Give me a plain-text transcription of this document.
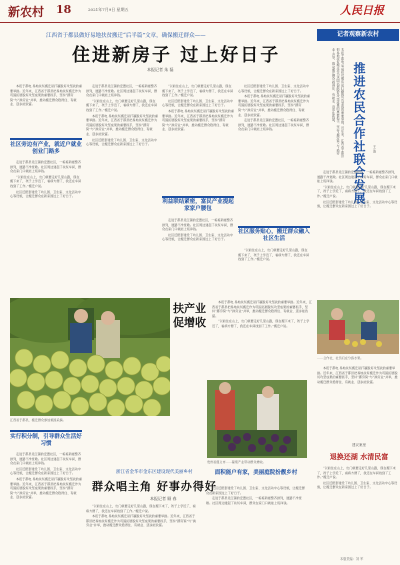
新农村 18	2021年7月9日 星期五	人民日报
江西省于都县做好易地扶贫搬迁“后半篇”文章，确保搬迁群众——
住进新房子 过上好日子
本报记者 朱 磊

本报于都电 易地扶贫搬迁是打赢脱贫攻坚战的重要举措。近年来，江西省于都县把易地扶贫搬迁作为巩固拓展脱贫攻坚成果的重要抓手，坚持“挪穷窝”与“换穷业”并举，推动搬迁群众稳得住、有就业、逐步能致富。

社区旁边有产业，就近户就业创业门路多

走进于都县贡江镇的安置社区，一栋栋新楼整齐排列，道路干净宽敞。社区周边建起了扶贫车间，群众在家门口就能上班挣钱。

“以前住在山上，出门就要走好几里山路，现在搬下来了，孩子上学近了，看病方便了，我还在车间找到了工作。”搬迁户说。

社区还配套建设了幼儿园、卫生室、文化活动中心等设施，让搬迁群众在新家园过上了好日子。

走进于都县贡江镇的安置社区，一栋栋新楼整齐排列，道路干净宽敞。社区周边建起了扶贫车间，群众在家门口就能上班挣钱。

“以前住在山上，出门就要走好几里山路，现在搬下来了，孩子上学近了，看病方便了，我还在车间找到了工作。”搬迁户说。

本报于都电 易地扶贫搬迁是打赢脱贫攻坚战的重要举措。近年来，江西省于都县把易地扶贫搬迁作为巩固拓展脱贫攻坚成果的重要抓手，坚持“挪穷窝”与“换穷业”并举，推动搬迁群众稳得住、有就业、逐步能致富。

社区还配套建设了幼儿园、卫生室、文化活动中心等设施，让搬迁群众在新家园过上了好日子。

“以前住在山上，出门就要走好几里山路，现在搬下来了，孩子上学近了，看病方便了，我还在车间找到了工作。”搬迁户说。

社区还配套建设了幼儿园、卫生室、文化活动中心等设施，让搬迁群众在新家园过上了好日子。

本报于都电 易地扶贫搬迁是打赢脱贫攻坚战的重要举措。近年来，江西省于都县把易地扶贫搬迁作为巩固拓展脱贫攻坚成果的重要抓手，坚持“挪穷窝”与“换穷业”并举，推动搬迁群众稳得住、有就业、逐步能致富。

利益联结紧密，富民产业提起家家户腰包

走进于都县贡江镇的安置社区，一栋栋新楼整齐排列，道路干净宽敞。社区周边建起了扶贫车间，群众在家门口就能上班挣钱。

社区还配套建设了幼儿园、卫生室、文化活动中心等设施，让搬迁群众在新家园过上了好日子。

社区还配套建设了幼儿园、卫生室、文化活动中心等设施，让搬迁群众在新家园过上了好日子。

本报于都电 易地扶贫搬迁是打赢脱贫攻坚战的重要举措。近年来，江西省于都县把易地扶贫搬迁作为巩固拓展脱贫攻坚成果的重要抓手，坚持“挪穷窝”与“换穷业”并举，推动搬迁群众稳得住、有就业、逐步能致富。

走进于都县贡江镇的安置社区，一栋栋新楼整齐排列，道路干净宽敞。社区周边建起了扶贫车间，群众在家门口就能上班挣钱。

社区服务贴心，搬迁群众融入社区生活

“以前住在山上，出门就要走好几里山路，现在搬下来了，孩子上学近了，看病方便了，我还在车间找到了工作。”搬迁户说。

江西省于都县，搬迁群众参加梨园采摘。
扶产业
促增收

本报于都电 易地扶贫搬迁是打赢脱贫攻坚战的重要举措。近年来，江西省于都县把易地扶贫搬迁作为巩固拓展脱贫攻坚成果的重要抓手，坚持“挪穷窝”与“换穷业”并举，推动搬迁群众稳得住、有就业、逐步能致富。

“以前住在山上，出门就要走好几里山路，现在搬下来了，孩子上学近了，看病方便了，我还在车间找到了工作。”搬迁户说。

贵州省遵义市……葡萄产业带动群众增收。
实行积分制，引导群众生活好习惯

走进于都县贡江镇的安置社区，一栋栋新楼整齐排列，道路干净宽敞。社区周边建起了扶贫车间，群众在家门口就能上班挣钱。

社区还配套建设了幼儿园、卫生室、文化活动中心等设施，让搬迁群众在新家园过上了好日子。

本报于都电 易地扶贫搬迁是打赢脱贫攻坚战的重要举措。近年来，江西省于都县把易地扶贫搬迁作为巩固拓展脱贫攻坚成果的重要抓手，坚持“挪穷窝”与“换穷业”并举，推动搬迁群众稳得住、有就业、逐步能致富。

浙江省金华市金东区建设现代美丽乡村
群众唱主角 好事办得好
本报记者 顾 春

“以前住在山上，出门就要走好几里山路，现在搬下来了，孩子上学近了，看病方便了，我还在车间找到了工作。”搬迁户说。

本报于都电 易地扶贫搬迁是打赢脱贫攻坚战的重要举措。近年来，江西省于都县把易地扶贫搬迁作为巩固拓展脱贫攻坚成果的重要抓手，坚持“挪穷窝”与“换穷业”并举，推动搬迁群众稳得住、有就业、逐步能致富。

面积能户有家，美丽庭院扮靓乡村

社区还配套建设了幼儿园、卫生室、文化活动中心等设施，让搬迁群众在新家园过上了好日子。

走进于都县贡江镇的安置社区，一栋栋新楼整齐排列，道路干净宽敞。社区周边建起了扶贫车间，群众在家门口就能上班挣钱。

记者观察新农村
本报于都电 易地扶贫搬迁是打赢脱贫攻坚战的重要举措。近年来，江西省于都县把易地扶贫搬迁作为巩固拓展脱贫攻坚成果的重要抓手，坚持“挪穷窝”与“换穷业”并举，推动搬迁群众稳得住、有就业、逐步能致富。	推进农民合作社联合发展	王 浩

走进于都县贡江镇的安置社区，一栋栋新楼整齐排列，道路干净宽敞。社区周边建起了扶贫车间，群众在家门口就能上班挣钱。

“以前住在山上，出门就要走好几里山路，现在搬下来了，孩子上学近了，看病方便了，我还在车间找到了工作。”搬迁户说。

社区还配套建设了幼儿园、卫生室、文化活动中心等设施，让搬迁群众在新家园过上了好日子。

……合作社，社员们在分拣水果。

本报于都电 易地扶贫搬迁是打赢脱贫攻坚战的重要举措。近年来，江西省于都县把易地扶贫搬迁作为巩固拓展脱贫攻坚成果的重要抓手，坚持“挪穷窝”与“换穷业”并举，推动搬迁群众稳得住、有就业、逐步能致富。

建议案里
退换还湖 水清民富

“以前住在山上，出门就要走好几里山路，现在搬下来了，孩子上学近了，看病方便了，我还在车间找到了工作。”搬迁户说。

社区还配套建设了幼儿园、卫生室、文化活动中心等设施，让搬迁群众在新家园过上了好日子。

本版责编：刘 军
